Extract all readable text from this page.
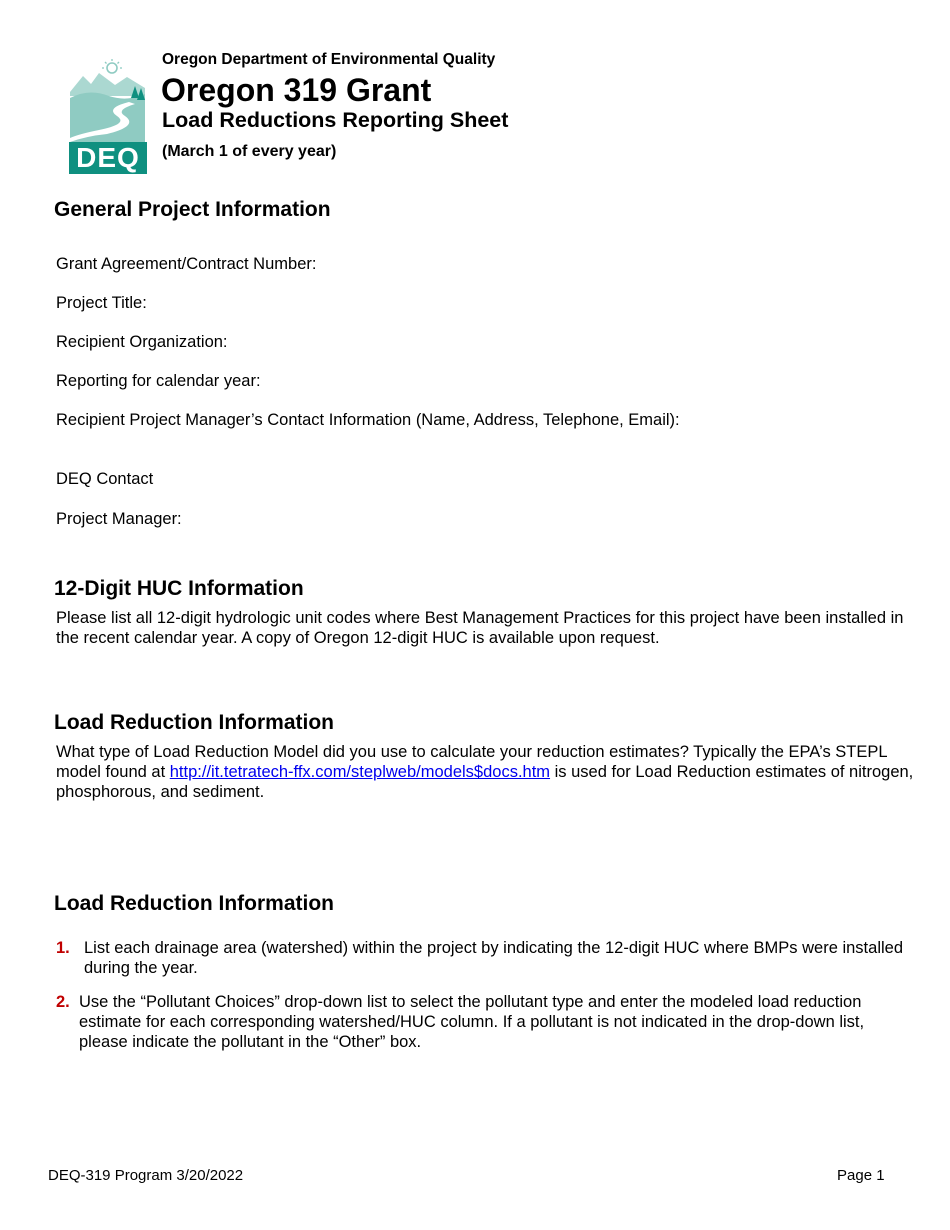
DEQ
Oregon Department of Environmental Quality
Oregon 319 Grant
Load Reductions Reporting Sheet
(March 1 of every year)
General Project Information
Grant Agreement/Contract Number:
Project Title:
Recipient Organization:
Reporting for calendar year:
Recipient Project Manager’s Contact Information (Name, Address, Telephone, Email):
DEQ Contact
Project Manager:
12-Digit HUC Information
Please list all 12-digit hydrologic unit codes where Best Management Practices for this project have been installed in the recent calendar year. A copy of Oregon 12-digit HUC is available upon request.
Load Reduction Information
What type of Load Reduction Model did you use to calculate your reduction estimates? Typically the EPA’s STEPL model found at http://it.tetratech-ffx.com/steplweb/models$docs.htm is used for Load Reduction estimates of nitrogen, phosphorous, and sediment.
Load Reduction Information
1. List each drainage area (watershed) within the project by indicating the 12-digit HUC where BMPs were installed during the year.
2. Use the “Pollutant Choices” drop-down list to select the pollutant type and enter the modeled load reduction estimate for each corresponding watershed/HUC column. If a pollutant is not indicated in the drop-down list, please indicate the pollutant in the “Other” box.
DEQ-319 Program 3/20/2022	Page 1
